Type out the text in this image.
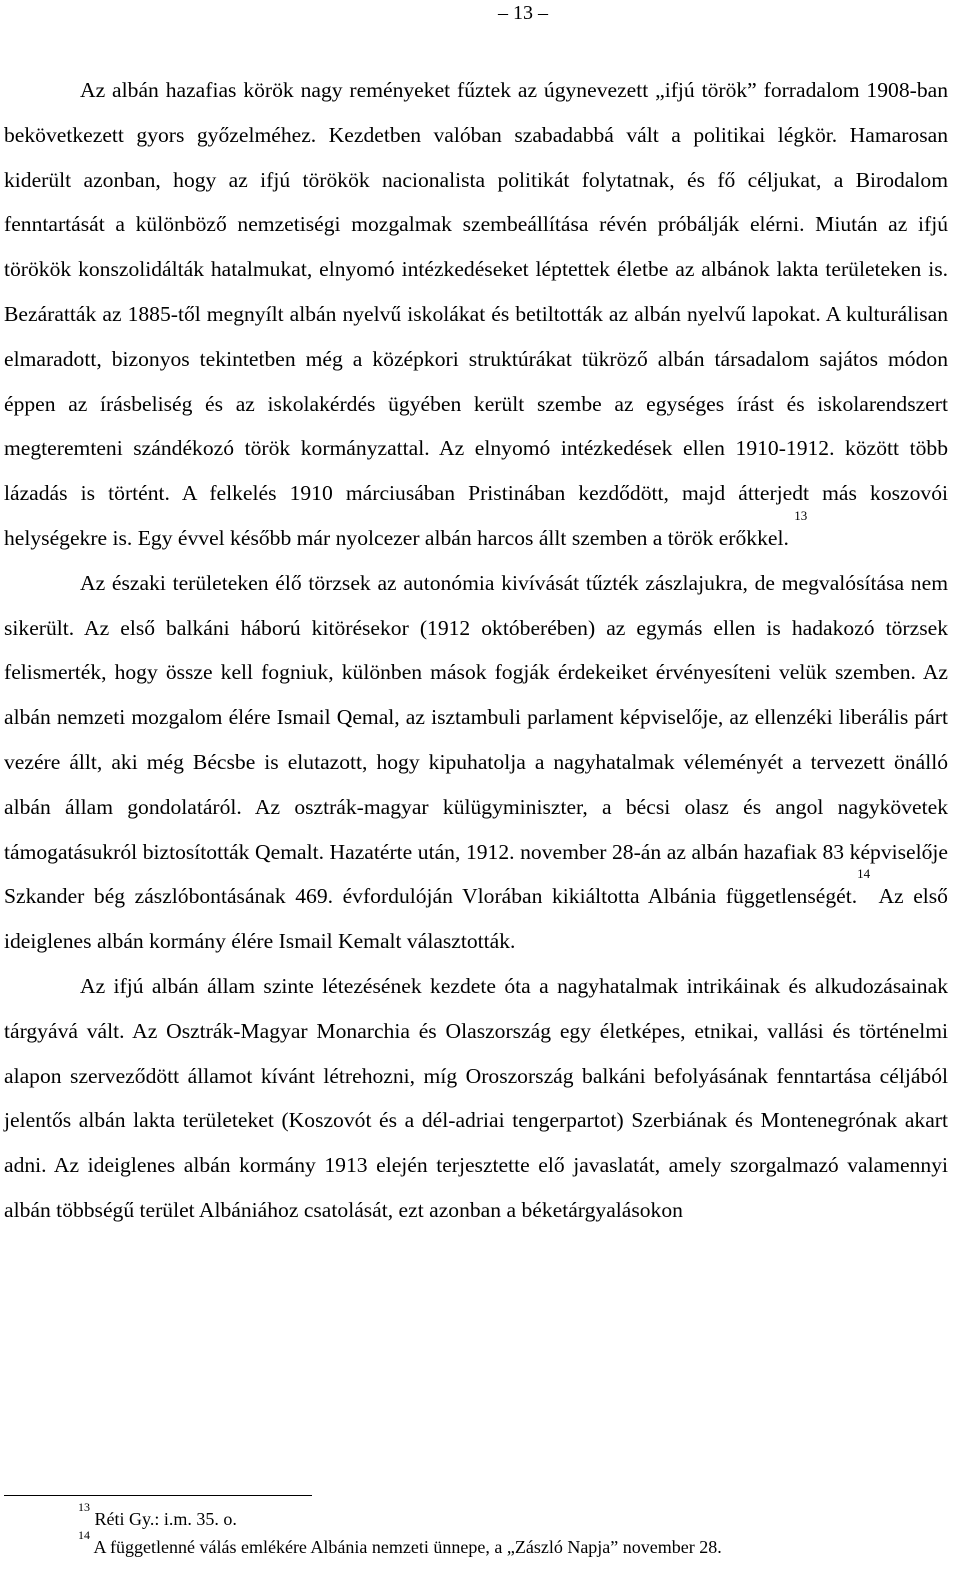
– 13 –

Az albán hazafias körök nagy reményeket fűztek az úgynevezett „ifjú török” forradalom 1908-ban bekövetkezett gyors győzelméhez. Kezdetben valóban szabadabbá vált a politikai légkör. Hamarosan kiderült azonban, hogy az ifjú törökök nacionalista politikát folytatnak, és fő céljukat, a Birodalom fenntartását a különböző nemzetiségi mozgalmak szembeállítása révén próbálják elérni. Miután az ifjú törökök konszolidálták hatalmukat, elnyomó intézkedéseket léptettek életbe az albánok lakta területeken is. Bezáratták az 1885-től megnyílt albán nyelvű iskolákat és betiltották az albán nyelvű lapokat. A kulturálisan elmaradott, bizonyos tekintetben még a középkori struktúrákat tükröző albán társadalom sajátos módon éppen az írásbeliség és az iskolakérdés ügyében került szembe az egységes írást és iskolarendszert megteremteni szándékozó török kormányzattal. Az elnyomó intézkedések ellen 1910-1912. között több lázadás is történt. A felkelés 1910 márciusában Pristinában kezdődött, majd átterjedt más koszovói helységekre is. Egy évvel később már nyolcezer albán harcos állt szemben a török erőkkel. $^{13}$

Az északi területeken élő törzsek az autonómia kivívását tűzték zászlajukra, de megvalósítása nem sikerült. Az első balkáni háború kitörésekor (1912 októberében) az egymás ellen is hadakozó törzsek felismerték, hogy össze kell fogniuk, különben mások fogják érdekeiket érvényesíteni velük szemben. Az albán nemzeti mozgalom élére Ismail Qemal, az isztambuli parlament képviselője, az ellenzéki liberális párt vezére állt, aki még Bécsbe is elutazott, hogy kipuhatolja a nagyhatalmak véleményét a tervezett önálló albán állam gondolatáról. Az osztrák-magyar külügyminiszter, a bécsi olasz és angol nagykövetek támogatásukról biztosították Qemalt. Hazatérte után, 1912. november 28-án az albán hazafiak 83 képviselője Szkander bég zászlóbontásának 469. évfordulóján Vlorában kikiáltotta Albánia függetlenségét.$^{14}$ Az első ideiglenes albán kormány élére Ismail Kemalt választották.

Az ifjú albán állam szinte létezésének kezdete óta a nagyhatalmak intrikáinak és alkudozásainak tárgyává vált. Az Osztrák-Magyar Monarchia és Olaszország egy életképes, etnikai, vallási és történelmi alapon szerveződött államot kívánt létrehozni, míg Oroszország balkáni befolyásának fenntartása céljából jelentős albán lakta területeket (Koszovót és a dél-adriai tengerpartot) Szerbiának és Montenegrónak akart adni. Az ideiglenes albán kormány 1913 elején terjesztette elő javaslatát, amely szorgalmazó valamennyi albán többségű terület Albániához csatolását, ezt azonban a béketárgyalásokon

$^{13}$ Réti Gy.: i.m. 35. o.
$^{14}$ A függetlenné válás emlékére Albánia nemzeti ünnepe, a „Zászló Napja” november 28.
